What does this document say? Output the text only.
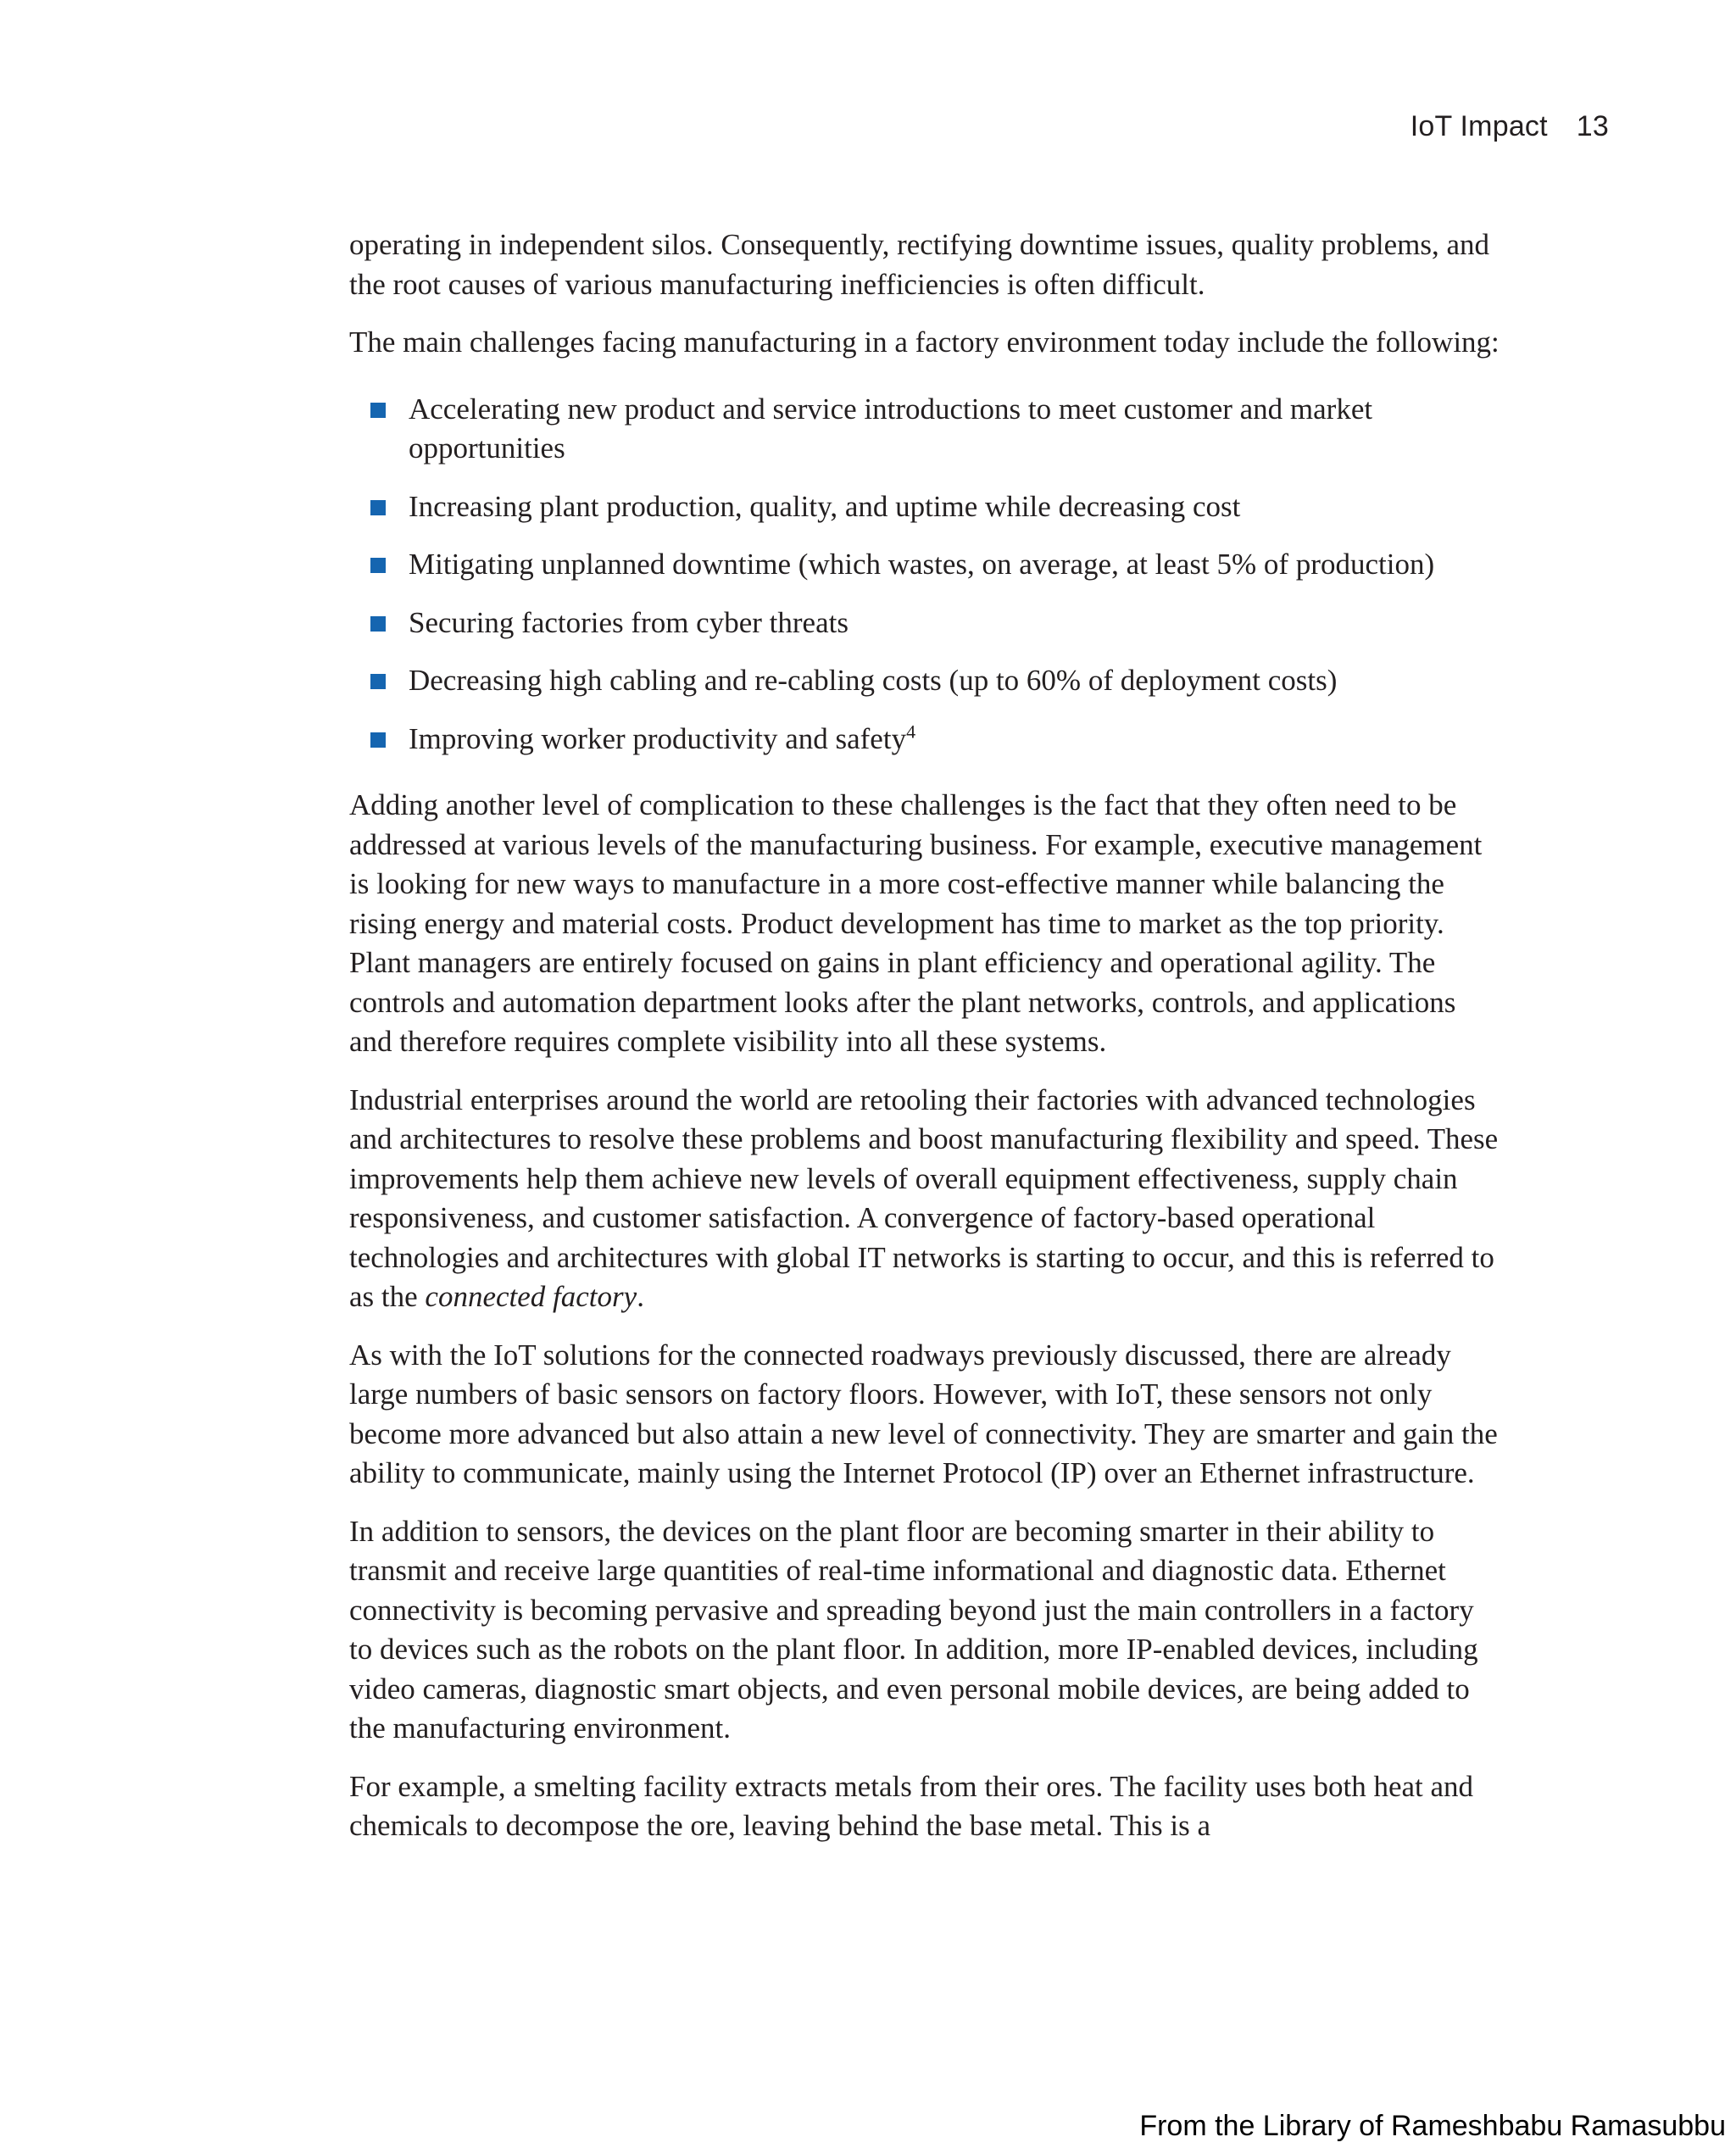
IoT Impact 13

operating in independent silos. Consequently, rectifying downtime issues, quality problems, and the root causes of various manufacturing inefficiencies is often difficult.

The main challenges facing manufacturing in a factory environment today include the following:

Accelerating new product and service introductions to meet customer and market opportunities
Increasing plant production, quality, and uptime while decreasing cost
Mitigating unplanned downtime (which wastes, on average, at least 5% of production)
Securing factories from cyber threats
Decreasing high cabling and re-cabling costs (up to 60% of deployment costs)
Improving worker productivity and safety$^4$

Adding another level of complication to these challenges is the fact that they often need to be addressed at various levels of the manufacturing business. For example, executive management is looking for new ways to manufacture in a more cost-effective manner while balancing the rising energy and material costs. Product development has time to market as the top priority. Plant managers are entirely focused on gains in plant efficiency and operational agility. The controls and automation department looks after the plant networks, controls, and applications and therefore requires complete visibility into all these systems.

Industrial enterprises around the world are retooling their factories with advanced technologies and architectures to resolve these problems and boost manufacturing flexibility and speed. These improvements help them achieve new levels of overall equipment effectiveness, supply chain responsiveness, and customer satisfaction. A convergence of factory-based operational technologies and architectures with global IT networks is starting to occur, and this is referred to as the connected factory.

As with the IoT solutions for the connected roadways previously discussed, there are already large numbers of basic sensors on factory floors. However, with IoT, these sensors not only become more advanced but also attain a new level of connectivity. They are smarter and gain the ability to communicate, mainly using the Internet Protocol (IP) over an Ethernet infrastructure.

In addition to sensors, the devices on the plant floor are becoming smarter in their ability to transmit and receive large quantities of real-time informational and diagnostic data. Ethernet connectivity is becoming pervasive and spreading beyond just the main controllers in a factory to devices such as the robots on the plant floor. In addition, more IP-enabled devices, including video cameras, diagnostic smart objects, and even personal mobile devices, are being added to the manufacturing environment.

For example, a smelting facility extracts metals from their ores. The facility uses both heat and chemicals to decompose the ore, leaving behind the base metal. This is a

From the Library of Rameshbabu Ramasubbu
